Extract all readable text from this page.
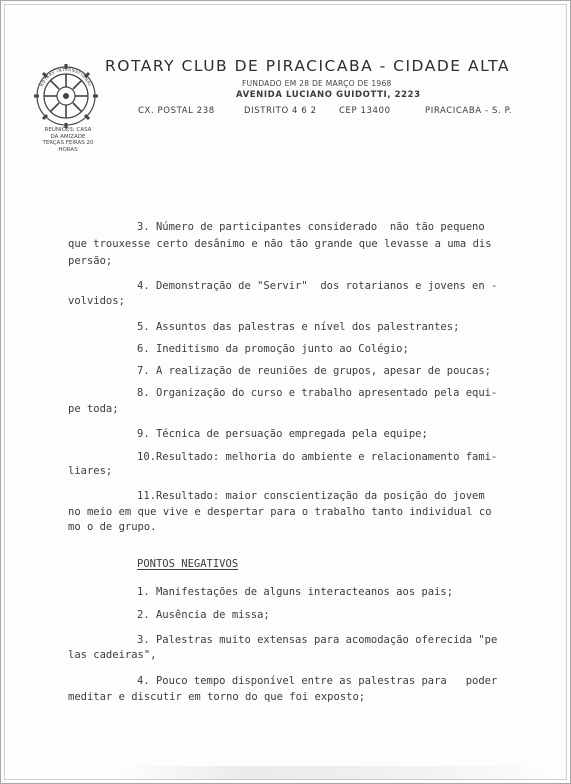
ROTARY INTERNATIONAL
REUNIÕES: CASA DA AMIZADE TERÇAS FEIRAS 20 HORAS
ROTARY CLUB DE PIRACICABA - CIDADE ALTA
FUNDADO EM 28 DE MARÇO DE 1968
AVENIDA LUCIANO GUIDOTTI, 2223
CX. POSTAL 238	DISTRITO 4 6 2	CEP 13400	PIRACICABA - S. P.
3. Número de participantes considerado  não tão pequeno
que trouxesse certo desânimo e não tão grande que levasse a uma dis
persão;
4. Demonstração de "Servir"  dos rotarianos e jovens en -
volvidos;
5. Assuntos das palestras e nível dos palestrantes;
6. Ineditismo da promoção junto ao Colégio;
7. A realização de reuniões de grupos, apesar de poucas;
8. Organização do curso e trabalho apresentado pela equi-
pe toda;
9. Técnica de persuação empregada pela equipe;
10.Resultado: melhoria do ambiente e relacionamento fami-
liares;
11.Resultado: maior conscientização da posição do jovem
no meio em que vive e despertar para o trabalho tanto individual co
mo o de grupo.
PONTOS NEGATIVOS
1. Manifestações de alguns interacteanos aos pais;
2. Ausência de missa;
3. Palestras muito extensas para acomodação oferecida "pe
las cadeiras",
4. Pouco tempo disponível entre as palestras para   poder
meditar e discutir em torno do que foi exposto;
